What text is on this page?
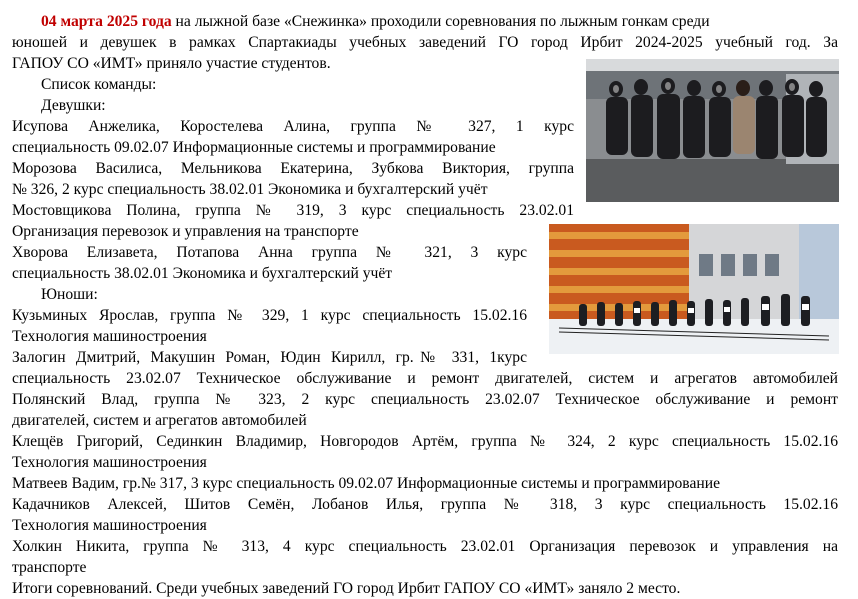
04 марта 2025 года на лыжной базе «Снежинка» проходили соревнования по лыжным гонкам среди
юношей и девушек в рамках Спартакиады учебных заведений ГО город Ирбит 2024-2025 учебный год. За
ГАПОУ СО «ИМТ» приняло участие студентов.
Список команды:
Девушки:
Исупова Анжелика, Коростелева Алина, группа № 327, 1 курс
специальность 09.02.07 Информационные системы и программирование
Морозова Василиса, Мельникова Екатерина, Зубкова Виктория, группа
№ 326, 2 курс специальность 38.02.01 Экономика и бухгалтерский учёт
Мостовщикова Полина, группа № 319, 3 курс специальность 23.02.01
Организация перевозок и управления на транспорте
Хворова Елизавета, Потапова Анна группа № 321, 3 курс
специальность 38.02.01 Экономика и бухгалтерский учёт
Юноши:
Кузьминых Ярослав, группа № 329, 1 курс специальность 15.02.16
Технология машиностроения
Залогин Дмитрий, Макушин Роман, Юдин Кирилл, гр.№ 331, 1курс
специальность 23.02.07 Техническое обслуживание и ремонт двигателей, систем и агрегатов автомобилей
Полянский Влад, группа № 323, 2 курс специальность 23.02.07 Техническое обслуживание и ремонт
двигателей, систем и агрегатов автомобилей
Клещёв Григорий, Сединкин Владимир, Новгородов Артём, группа № 324, 2 курс специальность 15.02.16
Технология машиностроения
Матвеев Вадим, гр.№ 317, 3 курс специальность 09.02.07 Информационные системы и программирование
Кадачников Алексей, Шитов Семён, Лобанов Илья, группа № 318, 3 курс специальность 15.02.16
Технология машиностроения
Холкин Никита, группа № 313, 4 курс специальность 23.02.01 Организация перевозок и управления на
транспорте
Итоги соревнований. Среди учебных заведений ГО город Ирбит ГАПОУ СО «ИМТ» заняло 2 место.
